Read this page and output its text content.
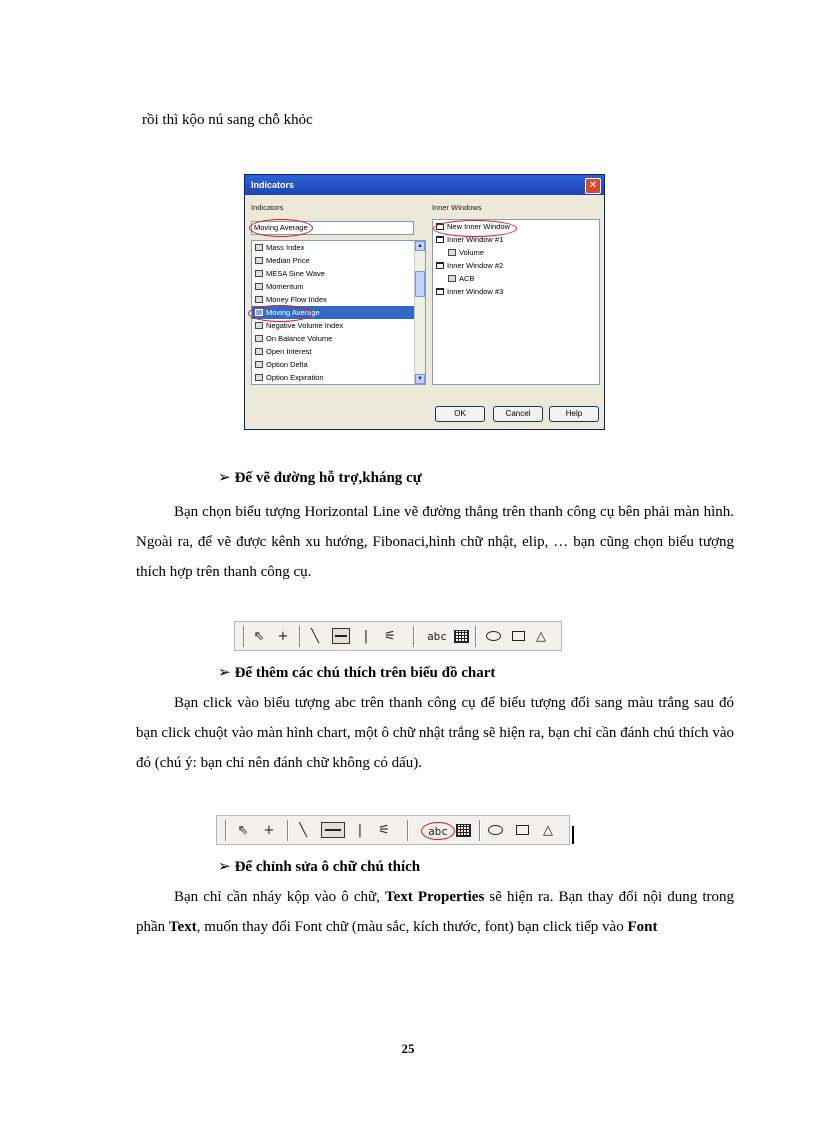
rồi thì kộo nú sang chỗ khỏc
Indicators	✕
Indicators	Inner Windows
Moving Average
Mass Index
Median Price
MESA Sine Wave
Momentum
Money Flow Index
Moving Average
Negative Volume Index
On Balance Volume
Open Interest
Option Delta
Option Expiration
▲
▼
New Inner Window
Inner Window #1
Volume
Inner Window #2
ACB
Inner Window #3
OK	Cancel	Help
➢ Để vẽ đường hỗ trợ,kháng cự
Bạn chọn biểu tượng Horizontal Line vẽ đường thẳng trên thanh công cụ bên phải màn hình. Ngoài ra, để vẽ được kênh xu hướng, Fibonaci,hình chữ nhật, elip, … bạn cũng chọn biểu tượng thích hợp trên thanh công cụ.
⇖ +	╲	|	⚟	abc	△
➢ Để thêm các chú thích trên biểu đồ chart
Bạn click vào biểu tượng abc trên thanh công cụ để biểu tượng đổi sang màu trắng sau đó bạn click chuột vào màn hình chart, một ô chữ nhật trắng sẽ hiện ra, bạn chỉ cần đánh chú thích vào đó (chú ý: bạn chỉ nên đánh chữ không có dấu).
⇖ +	╲	|	⚟	abc	△
➢ Để chỉnh sửa ô chữ chú thích
Bạn chỉ cần nháy kộp vào ô chữ, Text Properties sẽ hiện ra. Bạn thay đổi nội dung trong phần Text, muốn thay đổi Font chữ (màu sắc, kích thước, font) bạn click tiếp vào Font
25
